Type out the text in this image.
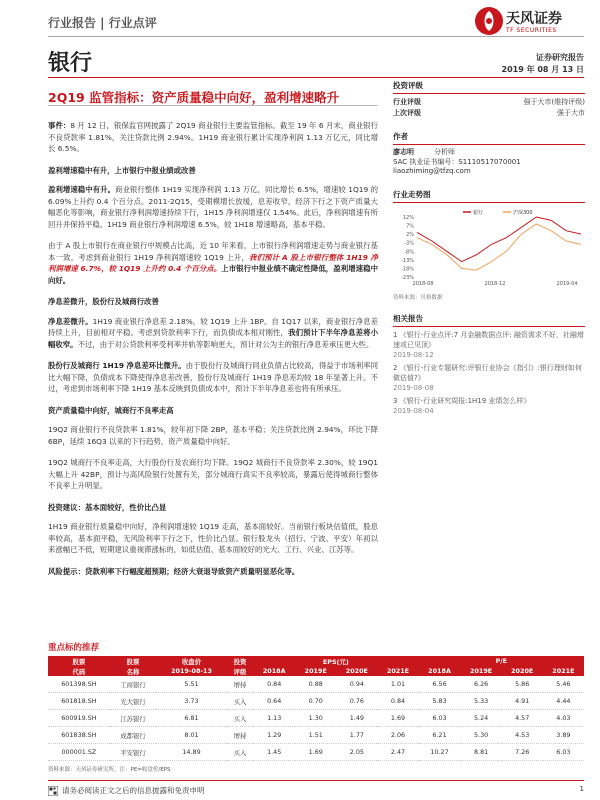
行业报告 | 行业点评	天风证券
TF SECURITIES
银行	证券研究报告
2019 年 08 月 13 日
2Q19 监管指标：资产质量稳中向好，盈利增速略升

事件：8 月 12 日，银保监官网披露了 2Q19 商业银行主要监管指标。截至 19 年 6 月末，商业银行不良贷款率 1.81%，关注贷款比例 2.94%。1H19 商业银行累计实现净利润 1.13 万亿元，同比增长 6.5%。

盈利增速稳中有升，上市银行中报业绩或改善

盈利增速稳中有升。商业银行整体 1H19 实现净利润 1.13 万亿，同比增长 6.5%，增速较 1Q19 的 6.09%上升约 0.4 个百分点。2011-2Q15，受期模增长放缓，息差收窄，经济下行之下资产质量大幅恶化等影响，商业银行净利润增速持续下行，1H15 净利润增速仅 1.54%。此后，净利润增速有所回升并保持平稳。1H19 商业银行净利润增速 6.5%，较 1H18 增速略高，基本平稳。

由于 A 股上市银行在商业银行中规模占比高，近 10 年来看，上市银行净利润增速走势与商业银行基本一致。考虑到商业银行 1H19 净利润增速较 1Q19 上升，我们预计 A 股上市银行整体 1H19 净利润增速 6.7%，较 1Q19 上升约 0.4 个百分点。上市银行中报业绩不确定性降低，盈利增速稳中向好。

净息差微升，股份行及城商行改善

净息差微升。1H19 商业银行净息差 2.18%，较 1Q19 上升 1BP。自 1Q17 以来，商业银行净息差持续上升，目前相对平稳。考虑到贷款利率下行，而负债成本相对刚性，我们预计下半年净息差将小幅收窄。不过，由于对公贷款利率受利率并轨等影响更大，预计对公为主的银行净息差承压更大些。

股份行及城商行 1H19 净息差环比微升。由于股份行及城商行同业负债占比较高，得益于市场利率同比大幅下降，负债成本下降使得净息差改善，股份行及城商行 1H19 净息差均较 18 年显著上升。不过，考虑到市场利率下降 1H19 基本反映到负债成本中，预计下半年净息差也将有所承压。

资产质量稳中向好，城商行不良率走高

19Q2 商业银行不良贷款率 1.81%，较年初下降 2BP，基本平稳；关注贷款比例 2.94%，环比下降 6BP，延续 16Q3 以来的下行趋势，资产质量稳中向好。

19Q2 城商行不良率走高，大行股份行及农商行均下降。19Q2 城商行不良贷款率 2.30%，较 19Q1 大幅上升 42BP，预计与高风险银行处置有关，部分城商行真实不良率较高，暴露后使得城商行整体不良率上升明显。

投资建议：基本面较好，性价比凸显

1H19 商业银行质量稳中向好，净利润增速较 1Q19 走高，基本面较好。当前银行板块估值低，股息率较高，基本面平稳，无风险利率下行之下，性价比凸显。银行股龙头（招行、宁波、平安）年初以来涨幅已不低，短期建议重视滞涨标的，如低估值、基本面较好的光大、工行、兴业、江苏等。

风险提示：贷款利率下行幅度超预期；经济大衰退导致资产质量明显恶化等。

投资评级
行业评级	强于大市(维持评级)
上次评级	强于大市
作者
廖志明	分析师
SAC 执业证书编号：S1110517070001
liaozhiming@tfzq.com
行业走势图
12%
7%
2%
-3%
-8%
-13%
-18%
-23%
2018-08	2018-12	2019-04
银行	沪深300
资料来源：贝格数据
相关报告
1 《银行-行业点评:7 月金融数据点评: 融资需求不好，社融增速或已见顶》
2019-08-12
2 《银行-行业专题研究:评银行业协会《指引》:银行理财如何做估值?》
2019-08-08
3 《银行-行业研究周报:1H19 业绩怎么样》
2019-08-04
重点标的推荐
股票	股票	收盘价	投资	EPS(元)				P/E			
代码	名称	2019-08-13	评级	2018A	2019E	2020E	2021E	2018A	2019E	2020E	2021E
601398.SH	工商银行	5.51	增持	0.84	0.88	0.94	1.01	6.56	6.26	5.86	5.46
601818.SH	光大银行	3.73	买入	0.64	0.70	0.76	0.84	5.83	5.33	4.91	4.44
600919.SH	江苏银行	6.81	买入	1.13	1.30	1.49	1.69	6.03	5.24	4.57	4.03
601838.SH	成都银行	8.01	增持	1.29	1.51	1.77	2.06	6.21	5.30	4.53	3.89
000001.SZ	平安银行	14.89	买入	1.45	1.69	2.05	2.47	10.27	8.81	7.26	6.03
资料来源：天风证券研究所，注：PE=收盘价/EPS
请务必阅读正文之后的信息披露和免责申明	1
